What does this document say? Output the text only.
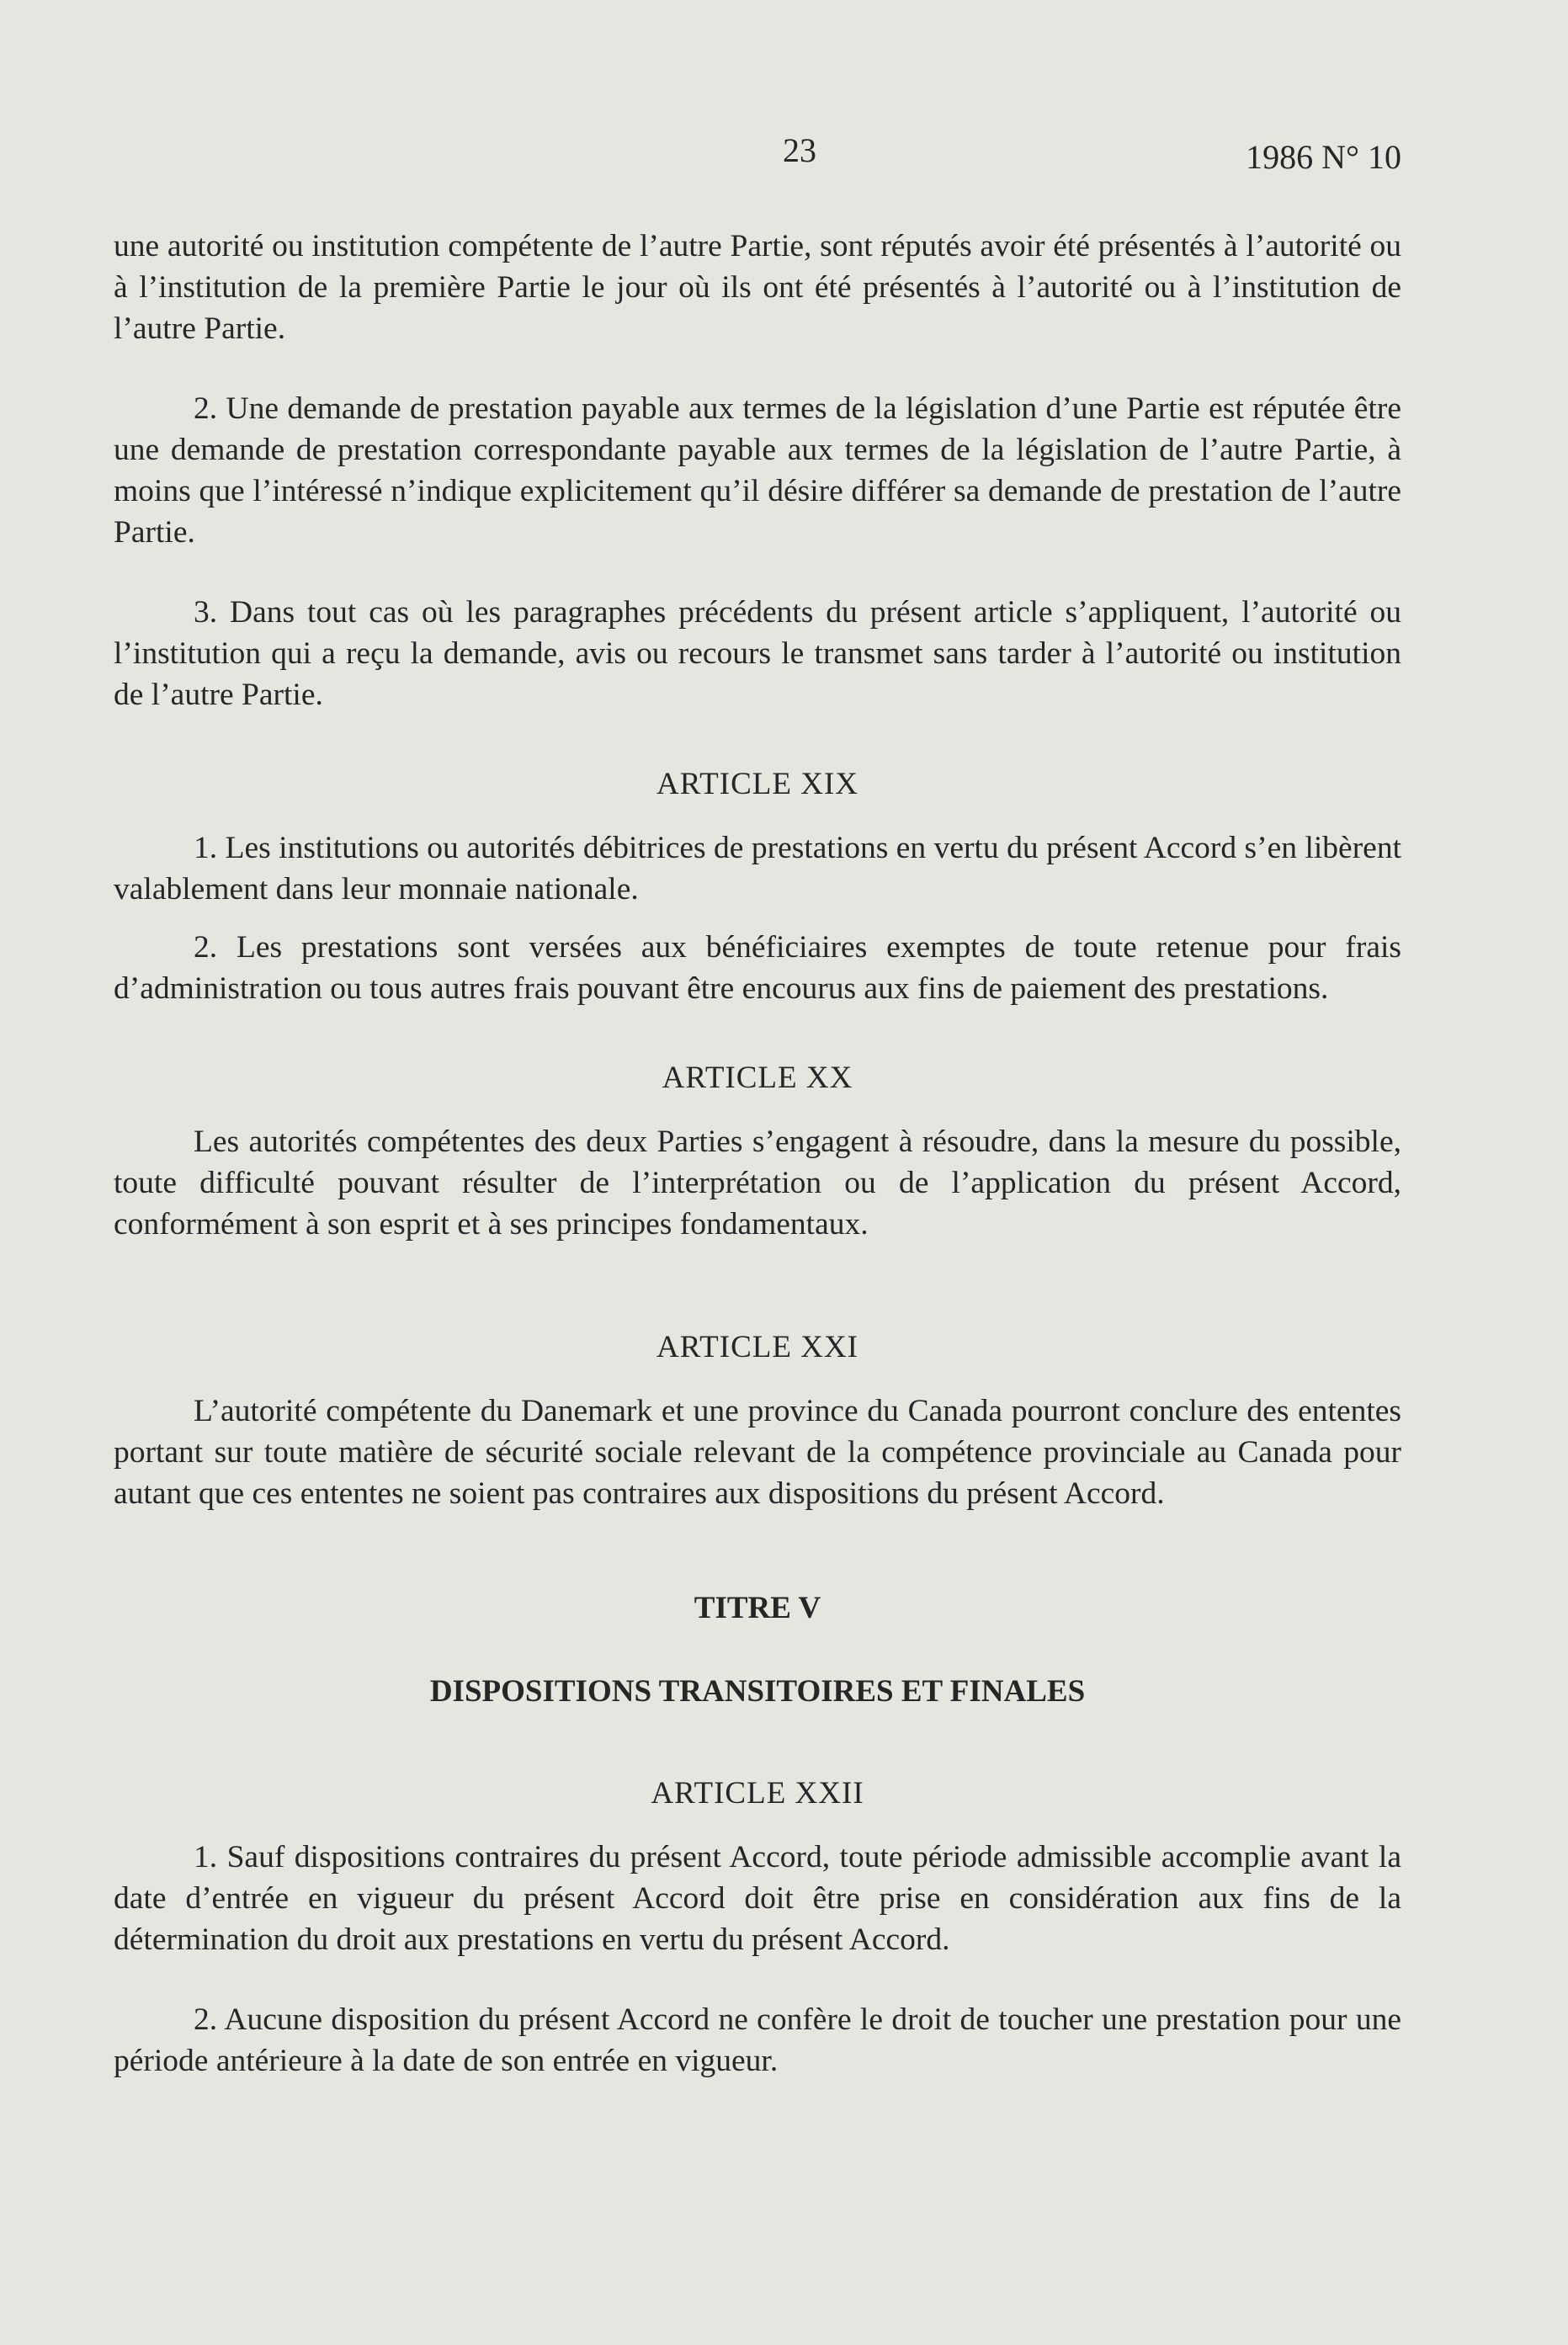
23	1986 N° 10

une autorité ou institution compétente de l’autre Partie, sont réputés avoir été présentés à l’autorité ou à l’institution de la première Partie le jour où ils ont été présentés à l’autorité ou à l’institution de l’autre Partie.

2. Une demande de prestation payable aux termes de la législation d’une Partie est réputée être une demande de prestation correspondante payable aux termes de la législation de l’autre Partie, à moins que l’intéressé n’indique explicitement qu’il désire différer sa demande de prestation de l’autre Partie.

3. Dans tout cas où les paragraphes précédents du présent article s’appliquent, l’autorité ou l’institution qui a reçu la demande, avis ou recours le transmet sans tarder à l’autorité ou institution de l’autre Partie.

ARTICLE XIX

1. Les institutions ou autorités débitrices de prestations en vertu du présent Accord s’en libèrent valablement dans leur monnaie nationale.

2. Les prestations sont versées aux bénéficiaires exemptes de toute retenue pour frais d’administration ou tous autres frais pouvant être encourus aux fins de paiement des prestations.

ARTICLE XX

Les autorités compétentes des deux Parties s’engagent à résoudre, dans la mesure du possible, toute difficulté pouvant résulter de l’interprétation ou de l’application du présent Accord, conformément à son esprit et à ses principes fondamentaux.

ARTICLE XXI

L’autorité compétente du Danemark et une province du Canada pourront conclure des ententes portant sur toute matière de sécurité sociale relevant de la compétence provinciale au Canada pour autant que ces ententes ne soient pas contraires aux dispositions du présent Accord.

TITRE V
DISPOSITIONS TRANSITOIRES ET FINALES
ARTICLE XXII

1. Sauf dispositions contraires du présent Accord, toute période admissible accomplie avant la date d’entrée en vigueur du présent Accord doit être prise en considération aux fins de la détermination du droit aux prestations en vertu du présent Accord.

2. Aucune disposition du présent Accord ne confère le droit de toucher une prestation pour une période antérieure à la date de son entrée en vigueur.
